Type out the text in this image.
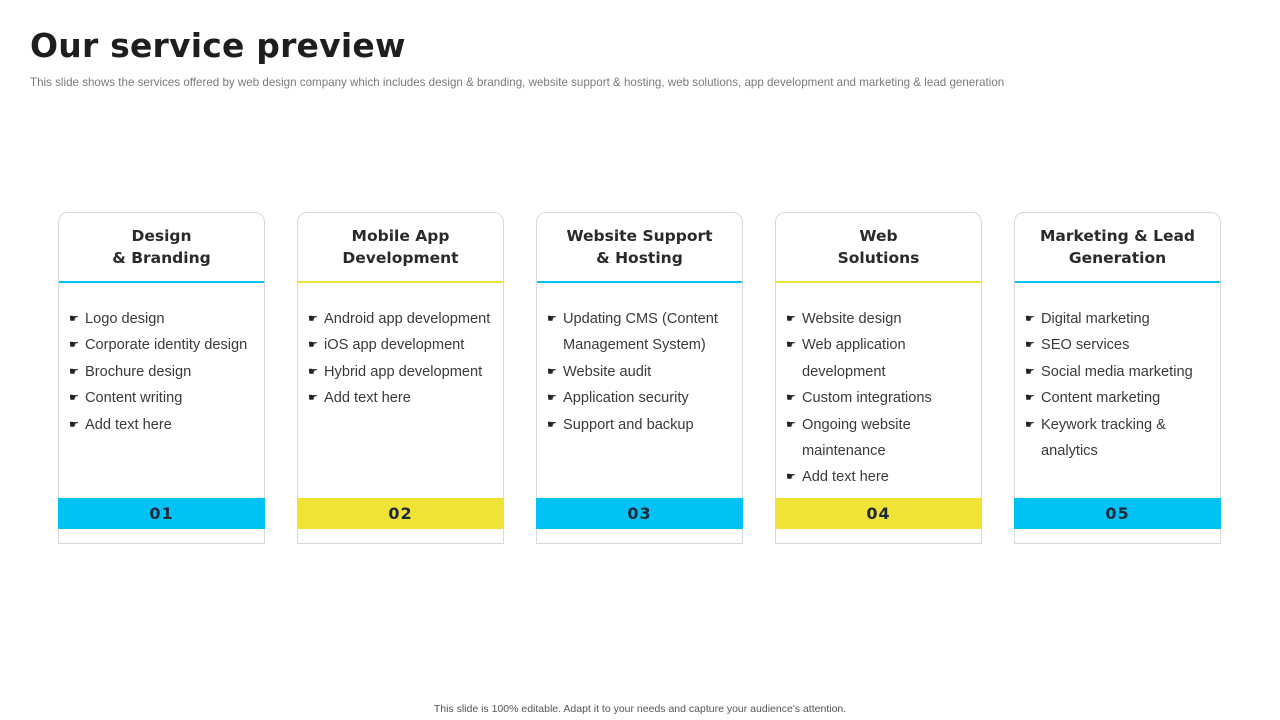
Our service preview

This slide shows the services offered by web design company which includes design & branding, website support & hosting, web solutions, app development and marketing & lead generation

Design
& Branding
☛ Logo design
☛ Corporate identity design
☛ Brochure design
☛ Content writing
☛ Add text here
01
Mobile App
Development
☛ Android app development
☛ iOS app development
☛ Hybrid app development
☛ Add text here
02
Website Support
& Hosting
☛ Updating CMS (Content Management System)
☛ Website audit
☛ Application security
☛ Support and backup
03
Web
Solutions
☛ Website design
☛ Web application development
☛ Custom integrations
☛ Ongoing website maintenance
☛ Add text here
04
Marketing & Lead
Generation
☛ Digital marketing
☛ SEO services
☛ Social media marketing
☛ Content marketing
☛ Keywork tracking & analytics
05

This slide is 100% editable. Adapt it to your needs and capture your audience's attention.
